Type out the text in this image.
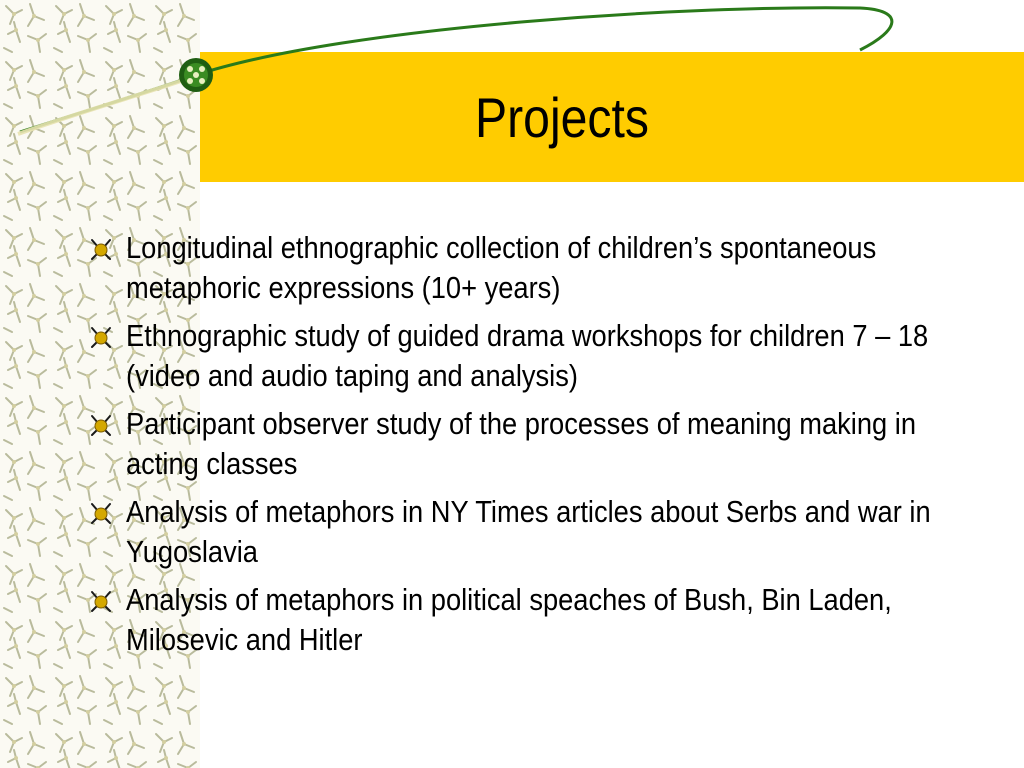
Projects
Longitudinal ethnographic collection of children’s spontaneous metaphoric expressions (10+ years)
Ethnographic study of guided drama workshops for children 7 – 18 (video and audio taping and analysis)
Participant observer study of the processes of meaning making in acting classes
Analysis of metaphors in NY Times articles about Serbs and war in Yugoslavia
Analysis of metaphors in political speaches of Bush, Bin Laden, Milosevic and Hitler
